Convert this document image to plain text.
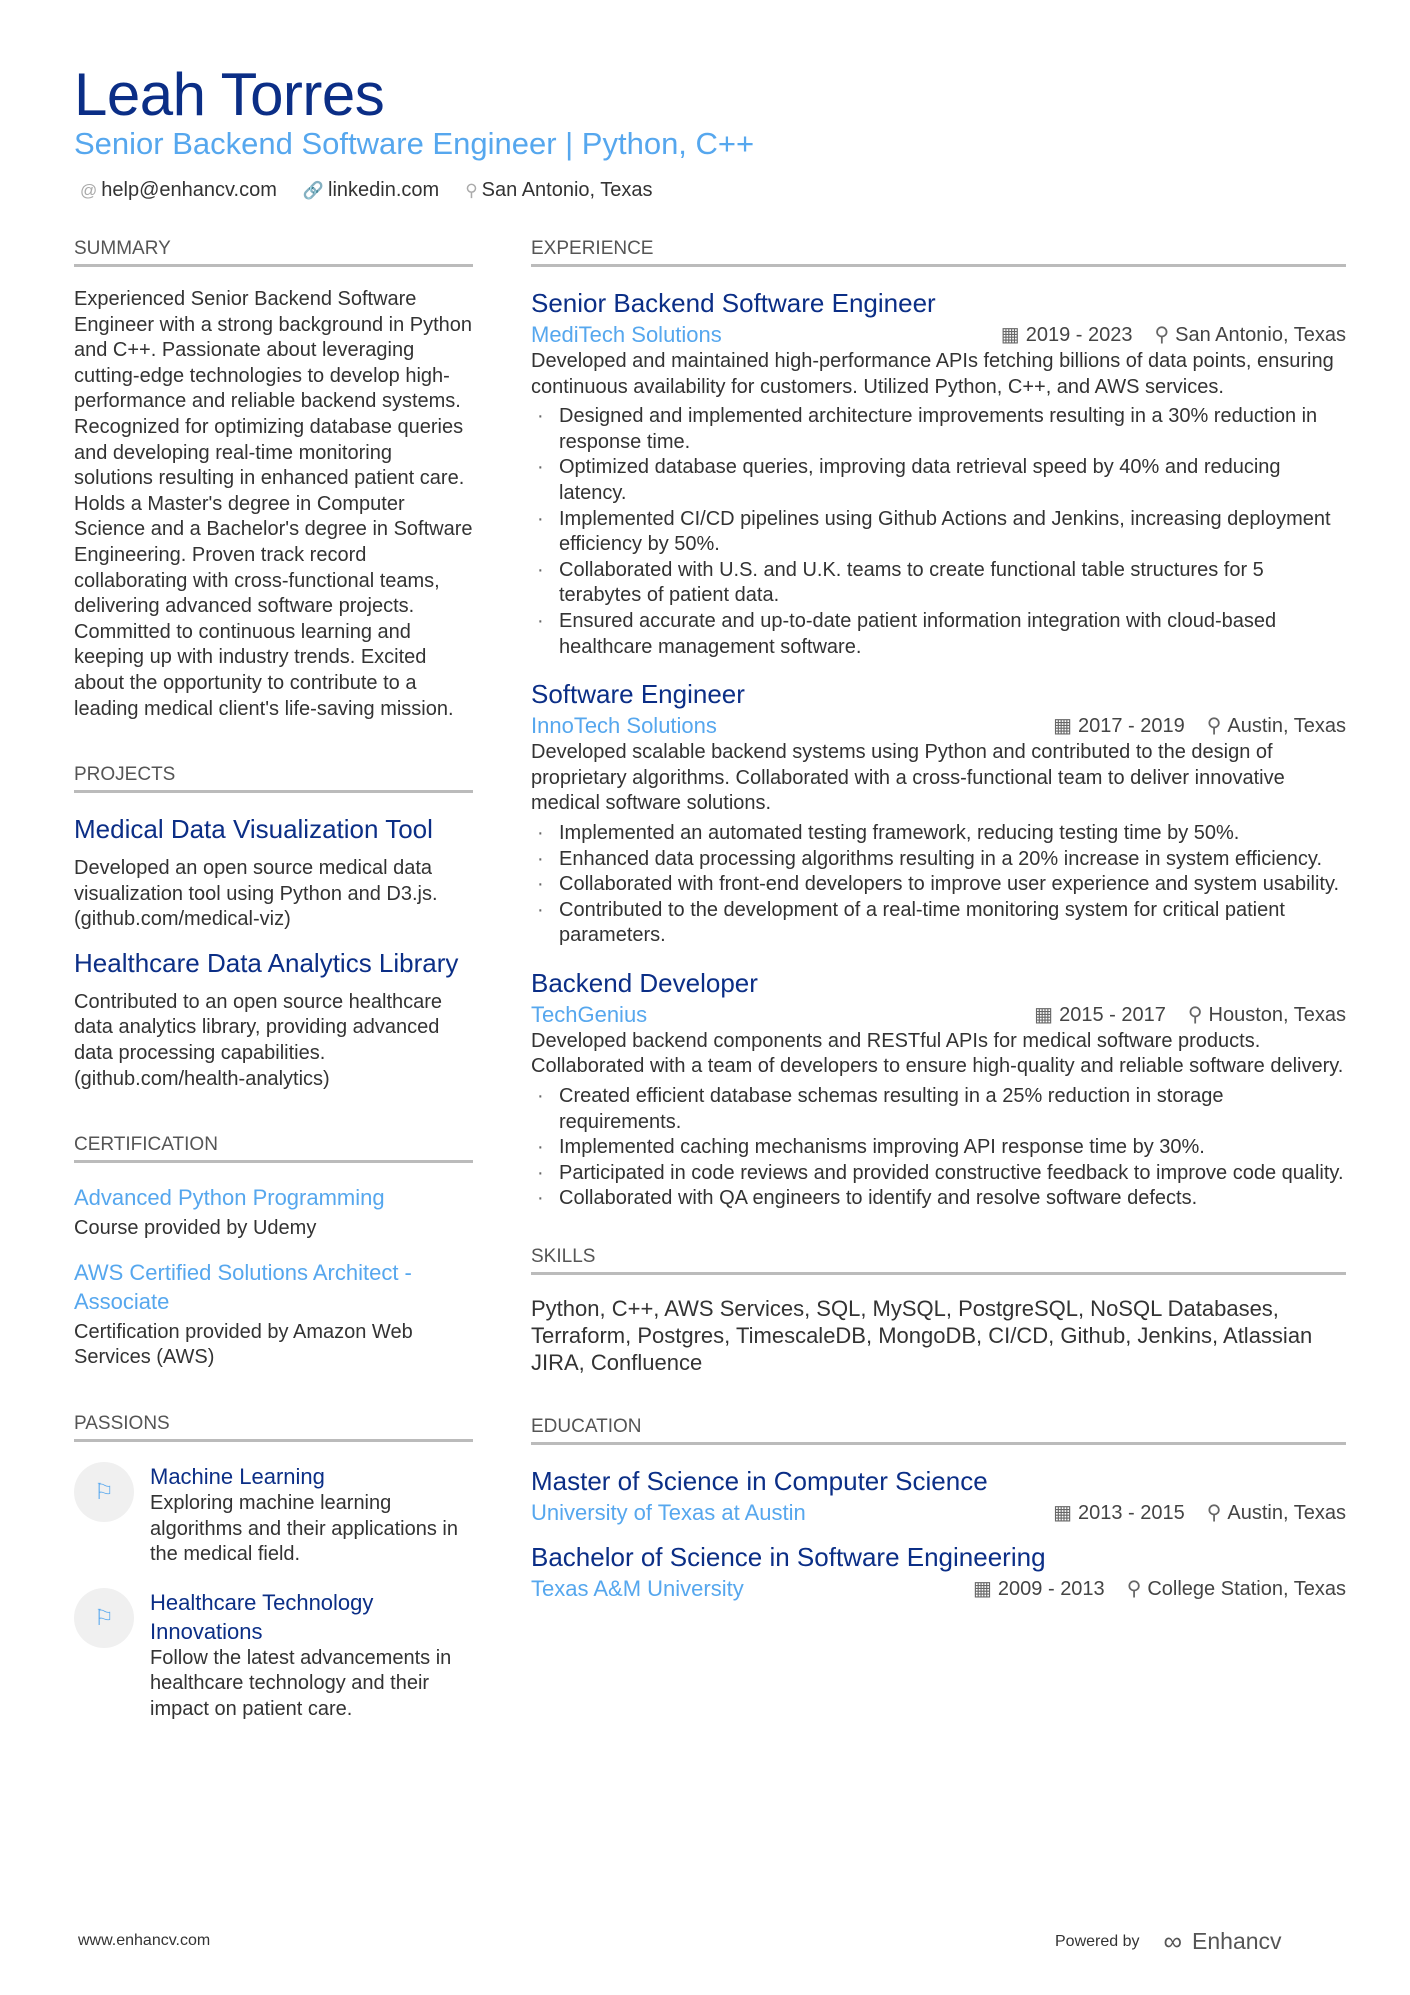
Leah Torres
Senior Backend Software Engineer | Python, C++
@ help@enhancv.com 🔗 linkedin.com ⚲ San Antonio, Texas
SUMMARY
Experienced Senior Backend Software Engineer with a strong background in Python and C++. Passionate about leveraging cutting-edge technologies to develop high-performance and reliable backend systems. Recognized for optimizing database queries and developing real-time monitoring solutions resulting in enhanced patient care. Holds a Master's degree in Computer Science and a Bachelor's degree in Software Engineering. Proven track record collaborating with cross-functional teams, delivering advanced software projects. Committed to continuous learning and keeping up with industry trends. Excited about the opportunity to contribute to a leading medical client's life-saving mission.
PROJECTS
Medical Data Visualization Tool
Developed an open source medical data visualization tool using Python and D3.js. (github.com/medical-viz)
Healthcare Data Analytics Library
Contributed to an open source healthcare data analytics library, providing advanced data processing capabilities. (github.com/health-analytics)
CERTIFICATION
Advanced Python Programming
Course provided by Udemy
AWS Certified Solutions Architect - Associate
Certification provided by Amazon Web Services (AWS)
PASSIONS
⚐
Machine Learning
Exploring machine learning algorithms and their applications in the medical field.
⚐
Healthcare Technology Innovations
Follow the latest advancements in healthcare technology and their impact on patient care.
EXPERIENCE
Senior Backend Software Engineer
MediTech Solutions	▦ 2019 - 2023 ⚲ San Antonio, Texas
Developed and maintained high-performance APIs fetching billions of data points, ensuring continuous availability for customers. Utilized Python, C++, and AWS services.
· Designed and implemented architecture improvements resulting in a 30% reduction in response time.
· Optimized database queries, improving data retrieval speed by 40% and reducing latency.
· Implemented CI/CD pipelines using Github Actions and Jenkins, increasing deployment efficiency by 50%.
· Collaborated with U.S. and U.K. teams to create functional table structures for 5 terabytes of patient data.
· Ensured accurate and up-to-date patient information integration with cloud-based healthcare management software.
Software Engineer
InnoTech Solutions	▦ 2017 - 2019 ⚲ Austin, Texas
Developed scalable backend systems using Python and contributed to the design of proprietary algorithms. Collaborated with a cross-functional team to deliver innovative medical software solutions.
· Implemented an automated testing framework, reducing testing time by 50%.
· Enhanced data processing algorithms resulting in a 20% increase in system efficiency.
· Collaborated with front-end developers to improve user experience and system usability.
· Contributed to the development of a real-time monitoring system for critical patient parameters.
Backend Developer
TechGenius	▦ 2015 - 2017 ⚲ Houston, Texas
Developed backend components and RESTful APIs for medical software products. Collaborated with a team of developers to ensure high-quality and reliable software delivery.
· Created efficient database schemas resulting in a 25% reduction in storage requirements.
· Implemented caching mechanisms improving API response time by 30%.
· Participated in code reviews and provided constructive feedback to improve code quality.
· Collaborated with QA engineers to identify and resolve software defects.
SKILLS
Python, C++, AWS Services, SQL, MySQL, PostgreSQL, NoSQL Databases, Terraform, Postgres, TimescaleDB, MongoDB, CI/CD, Github, Jenkins, Atlassian JIRA, Confluence
EDUCATION
Master of Science in Computer Science
University of Texas at Austin	▦ 2013 - 2015 ⚲ Austin, Texas
Bachelor of Science in Software Engineering
Texas A&M University	▦ 2009 - 2013 ⚲ College Station, Texas
www.enhancv.com	Powered by ∞ Enhancv
